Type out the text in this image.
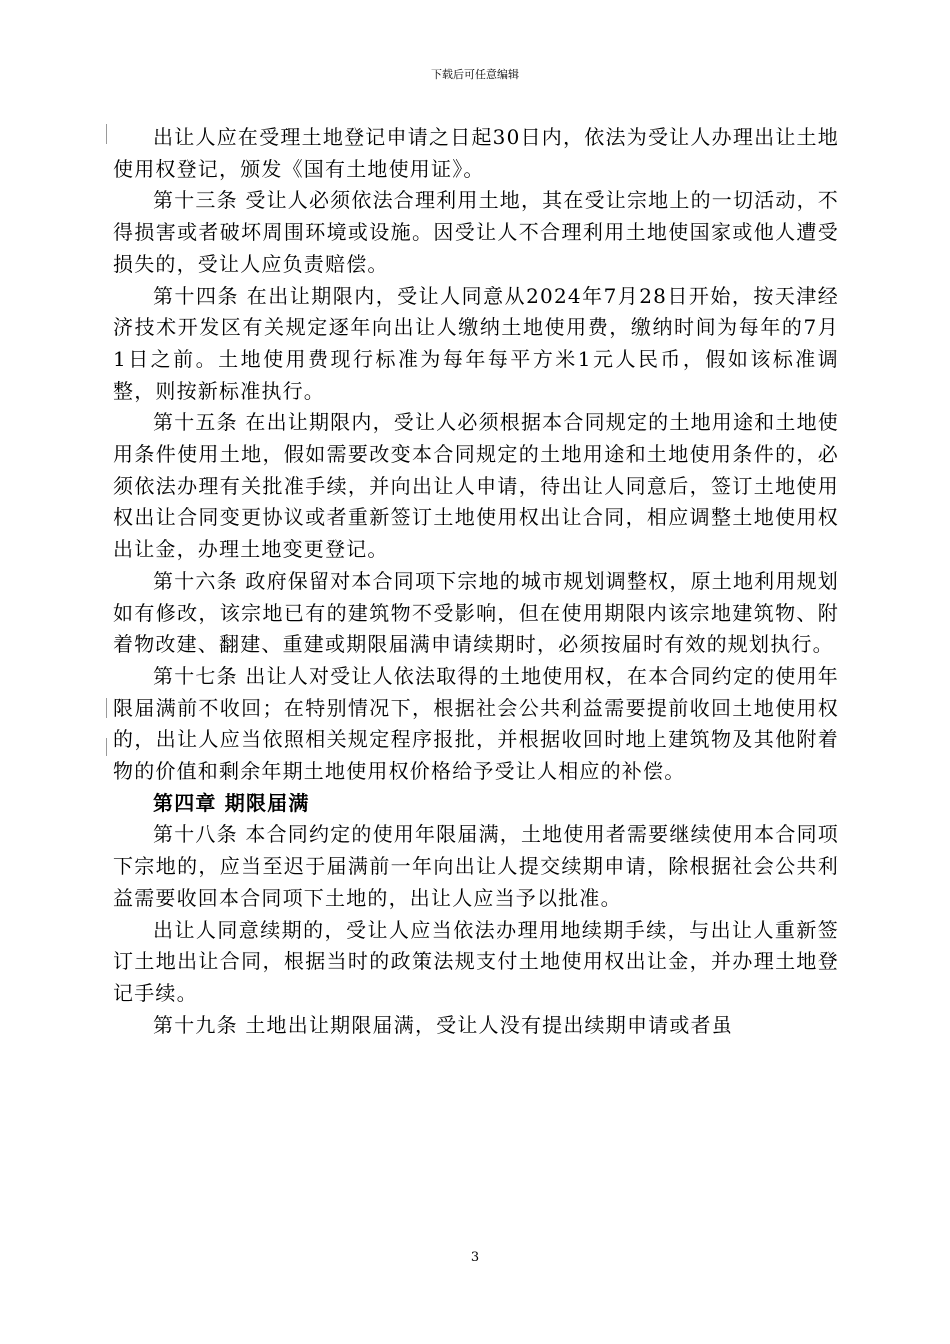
下载后可任意编辑

出让人应在受理土地登记申请之日起30日内，依法为受让人办理出让土地使用权登记，颁发《国有土地使用证》。

第十三条 受让人必须依法合理利用土地，其在受让宗地上的一切活动，不得损害或者破坏周围环境或设施。因受让人不合理利用土地使国家或他人遭受损失的，受让人应负责赔偿。

第十四条 在出让期限内，受让人同意从2024年7月28日开始，按天津经济技术开发区有关规定逐年向出让人缴纳土地使用费，缴纳时间为每年的7月1日之前。土地使用费现行标准为每年每平方米1元人民币，假如该标准调整，则按新标准执行。

第十五条 在出让期限内，受让人必须根据本合同规定的土地用途和土地使用条件使用土地，假如需要改变本合同规定的土地用途和土地使用条件的，必须依法办理有关批准手续，并向出让人申请，待出让人同意后，签订土地使用权出让合同变更协议或者重新签订土地使用权出让合同，相应调整土地使用权出让金，办理土地变更登记。

第十六条 政府保留对本合同项下宗地的城市规划调整权，原土地利用规划如有修改，该宗地已有的建筑物不受影响，但在使用期限内该宗地建筑物、附着物改建、翻建、重建或期限届满申请续期时，必须按届时有效的规划执行。

第十七条 出让人对受让人依法取得的土地使用权，在本合同约定的使用年限届满前不收回；在特别情况下，根据社会公共利益需要提前收回土地使用权的，出让人应当依照相关规定程序报批，并根据收回时地上建筑物及其他附着物的价值和剩余年期土地使用权价格给予受让人相应的补偿。

第四章 期限届满

第十八条 本合同约定的使用年限届满，土地使用者需要继续使用本合同项下宗地的，应当至迟于届满前一年向出让人提交续期申请，除根据社会公共利益需要收回本合同项下土地的，出让人应当予以批准。

出让人同意续期的，受让人应当依法办理用地续期手续，与出让人重新签订土地出让合同，根据当时的政策法规支付土地使用权出让金，并办理土地登记手续。

第十九条 土地出让期限届满，受让人没有提出续期申请或者虽

3
